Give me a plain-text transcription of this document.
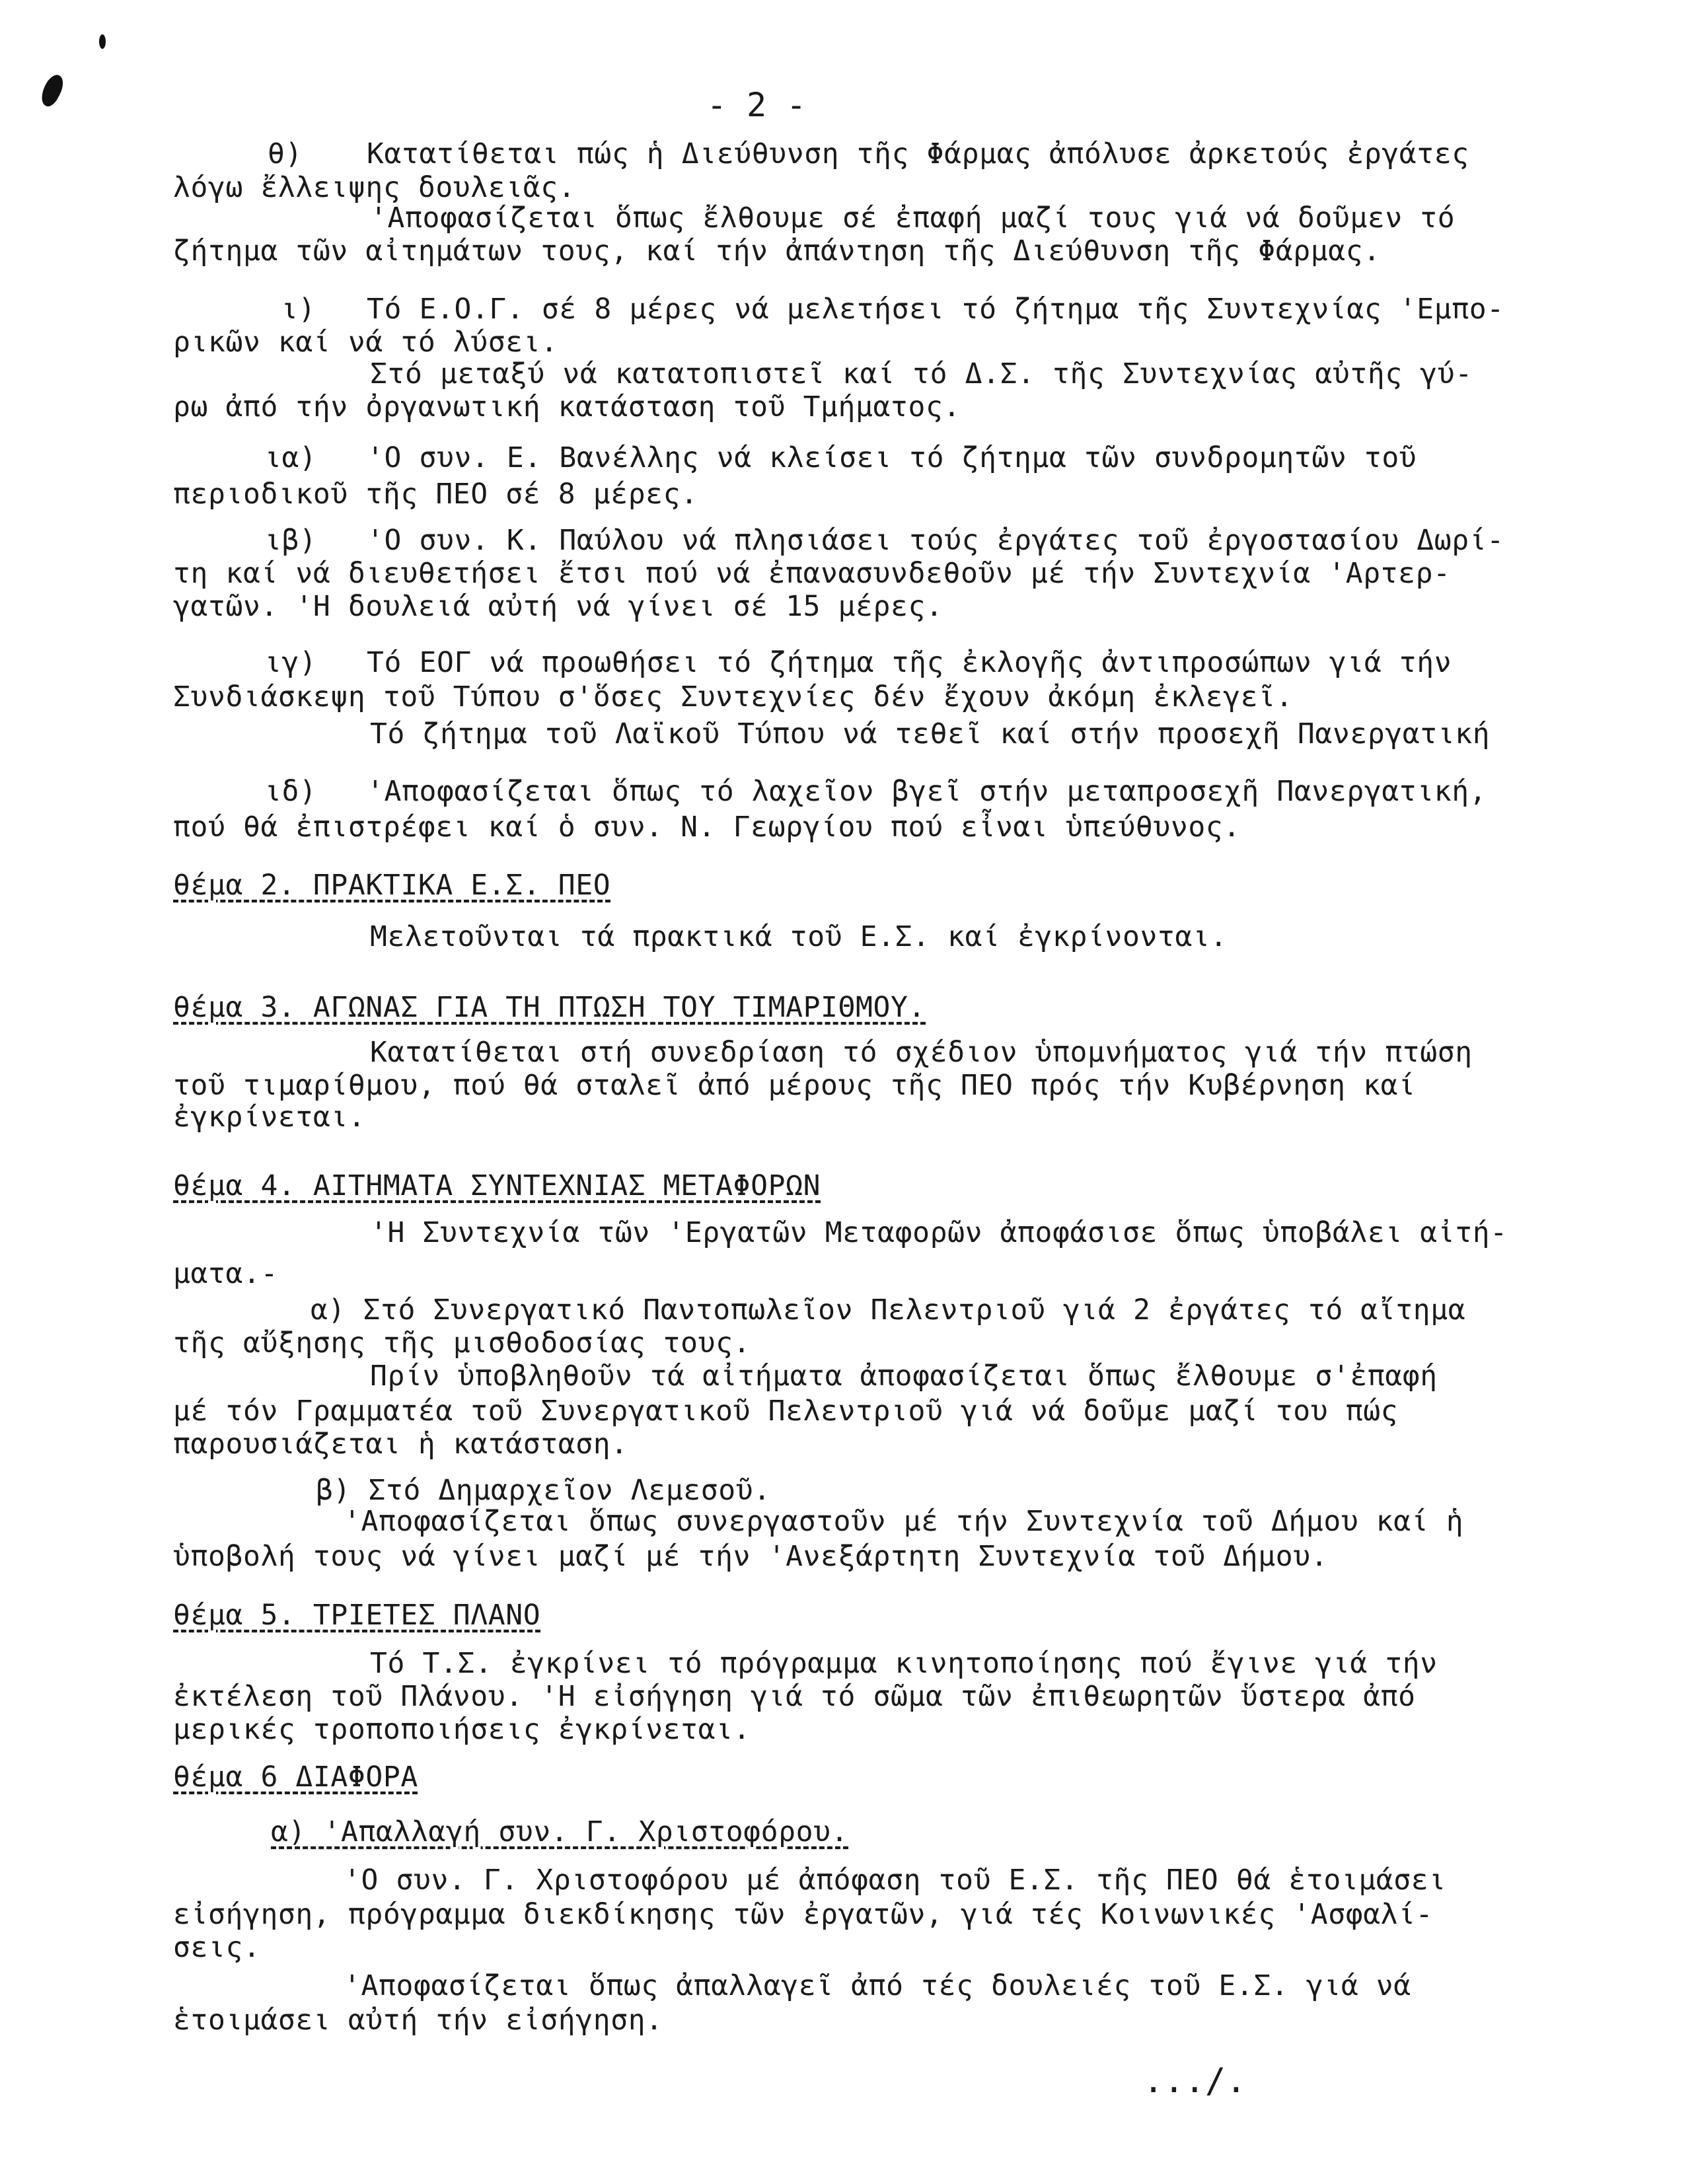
- 2 -
θ) Κατατίθεται πώς ἡ Διεύθυνση τῆς Φάρμας ἀπόλυσε ἀρκετούς ἐργάτες
λόγω ἔλλειψης δουλειᾶς.
'Αποφασίζεται ὅπως ἔλθουμε σέ ἐπαφή μαζί τους γιά νά δοῦμεν τό
ζήτημα τῶν αἰτημάτων τους, καί τήν ἀπάντηση τῆς Διεύθυνση τῆς Φάρμας.
ι) Τό Ε.Ο.Γ. σέ 8 μέρες νά μελετήσει τό ζήτημα τῆς Συντεχνίας 'Εμπο-
ρικῶν καί νά τό λύσει.
Στό μεταξύ νά κατατοπιστεῖ καί τό Δ.Σ. τῆς Συντεχνίας αὐτῆς γύ-
ρω ἀπό τήν ὀργανωτική κατάσταση τοῦ Τμήματος.
ια) 'Ο συν. Ε. Βανέλλης νά κλείσει τό ζήτημα τῶν συνδρομητῶν τοῦ
περιοδικοῦ τῆς ΠΕΟ σέ 8 μέρες.
ιβ) 'Ο συν. Κ. Παύλου νά πλησιάσει τούς ἐργάτες τοῦ ἐργοστασίου Δωρί-
τη καί νά διευθετήσει ἔτσι πού νά ἐπανασυνδεθοῦν μέ τήν Συντεχνία 'Αρτερ-
γατῶν. 'Η δουλειά αὐτή νά γίνει σέ 15 μέρες.
ιγ) Τό ΕΟΓ νά προωθήσει τό ζήτημα τῆς ἐκλογῆς ἀντιπροσώπων γιά τήν
Συνδιάσκεψη τοῦ Τύπου σ'ὅσες Συντεχνίες δέν ἔχουν ἀκόμη ἐκλεγεῖ.
Τό ζήτημα τοῦ Λαϊκοῦ Τύπου νά τεθεῖ καί στήν προσεχῆ Πανεργατική
ιδ) 'Αποφασίζεται ὅπως τό λαχεῖον βγεῖ στήν μεταπροσεχῆ Πανεργατική,
πού θά ἐπιστρέφει καί ὁ συν. Ν. Γεωργίου πού εἶναι ὑπεύθυνος.
θέμα 2. ΠΡΑΚΤΙΚΑ Ε.Σ. ΠΕΟ
Μελετοῦνται τά πρακτικά τοῦ Ε.Σ. καί ἐγκρίνονται.
θέμα 3. ΑΓΩΝΑΣ ΓΙΑ ΤΗ ΠΤΩΣΗ ΤΟΥ ΤΙΜΑΡΙΘΜΟΥ.
Κατατίθεται στή συνεδρίαση τό σχέδιον ὑπομνήματος γιά τήν πτώση
τοῦ τιμαρίθμου, πού θά σταλεῖ ἀπό μέρους τῆς ΠΕΟ πρός τήν Κυβέρνηση καί
ἐγκρίνεται.
θέμα 4. ΑΙΤΗΜΑΤΑ ΣΥΝΤΕΧΝΙΑΣ ΜΕΤΑΦΟΡΩΝ
'Η Συντεχνία τῶν 'Εργατῶν Μεταφορῶν ἀποφάσισε ὅπως ὑποβάλει αἰτή-
ματα.-
α) Στό Συνεργατικό Παντοπωλεῖον Πελεντριοῦ γιά 2 ἐργάτες τό αἴτημα
τῆς αὔξησης τῆς μισθοδοσίας τους.
Πρίν ὑποβληθοῦν τά αἰτήματα ἀποφασίζεται ὅπως ἔλθουμε σ'ἐπαφή
μέ τόν Γραμματέα τοῦ Συνεργατικοῦ Πελεντριοῦ γιά νά δοῦμε μαζί του πώς
παρουσιάζεται ἡ κατάσταση.
β) Στό Δημαρχεῖον Λεμεσοῦ.
'Αποφασίζεται ὅπως συνεργαστοῦν μέ τήν Συντεχνία τοῦ Δήμου καί ἡ
ὑποβολή τους νά γίνει μαζί μέ τήν 'Ανεξάρτητη Συντεχνία τοῦ Δήμου.
θέμα 5. ΤΡΙΕΤΕΣ ΠΛΑΝΟ
Τό Τ.Σ. ἐγκρίνει τό πρόγραμμα κινητοποίησης πού ἔγινε γιά τήν
ἐκτέλεση τοῦ Πλάνου. 'Η εἰσήγηση γιά τό σῶμα τῶν ἐπιθεωρητῶν ὕστερα ἀπό
μερικές τροποποιήσεις ἐγκρίνεται.
θέμα 6 ΔΙΑΦΟΡΑ
α) 'Απαλλαγή συν. Γ. Χριστοφόρου.
'Ο συν. Γ. Χριστοφόρου μέ ἀπόφαση τοῦ Ε.Σ. τῆς ΠΕΟ θά ἑτοιμάσει
εἰσήγηση, πρόγραμμα διεκδίκησης τῶν ἐργατῶν, γιά τές Κοινωνικές 'Ασφαλί-
σεις.
'Αποφασίζεται ὅπως ἀπαλλαγεῖ ἀπό τές δουλειές τοῦ Ε.Σ. γιά νά
ἑτοιμάσει αὐτή τήν εἰσήγηση.
.../.
